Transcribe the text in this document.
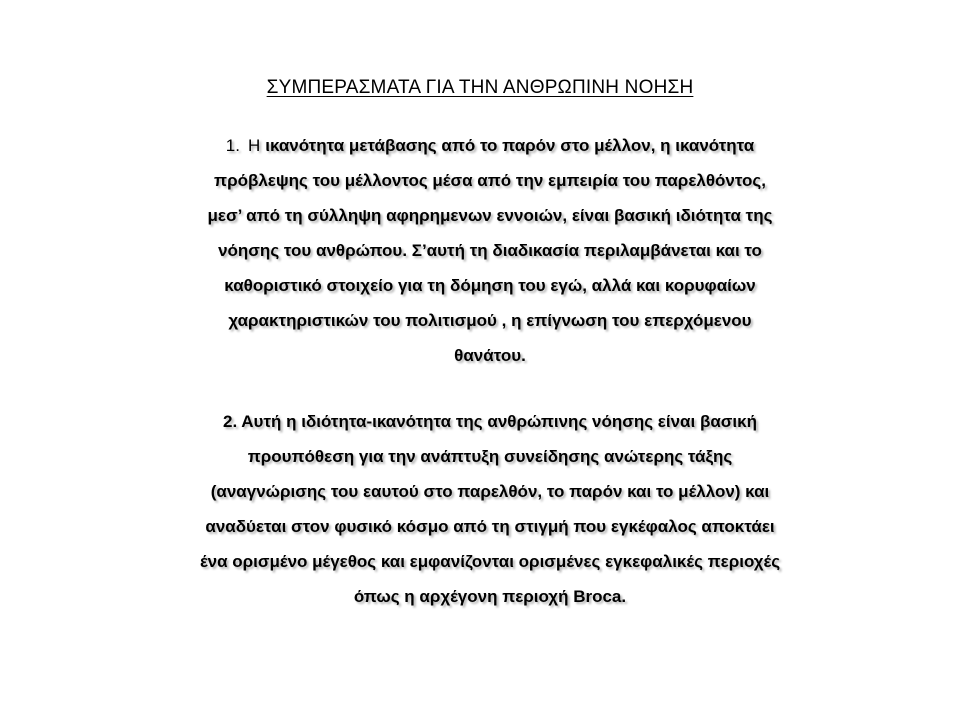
ΣΥΜΠΕΡΑΣΜΑΤΑ ΓΙΑ ΤΗΝ ΑΝΘΡΩΠΙΝΗ ΝΟΗΣΗ
1. Η ικανότητα μετάβασης από το παρόν στο μέλλον, η ικανότητα
πρόβλεψης του μέλλοντος μέσα από την εμπειρία του παρελθόντος,
μεσ’ από τη σύλληψη αφηρημενων εννοιών, είναι βασική ιδιότητα της
νόησης του ανθρώπου. Σ’αυτή τη διαδικασία περιλαμβάνεται και το
καθοριστικό στοιχείο για τη δόμηση του εγώ, αλλά και κορυφαίων
χαρακτηριστικών του πολιτισμού , η επίγνωση του επερχόμενου
θανάτου.
2. Αυτή η ιδιότητα-ικανότητα της ανθρώπινης νόησης είναι βασική
προυπόθεση για την ανάπτυξη συνείδησης ανώτερης τάξης
(αναγνώρισης του εαυτού στο παρελθόν, το παρόν και το μέλλον) και
αναδύεται στον φυσικό κόσμο από τη στιγμή που εγκέφαλος αποκτάει
ένα ορισμένο μέγεθος και εμφανίζονται ορισμένες εγκεφαλικές περιοχές
όπως η αρχέγονη περιοχή Broca.
